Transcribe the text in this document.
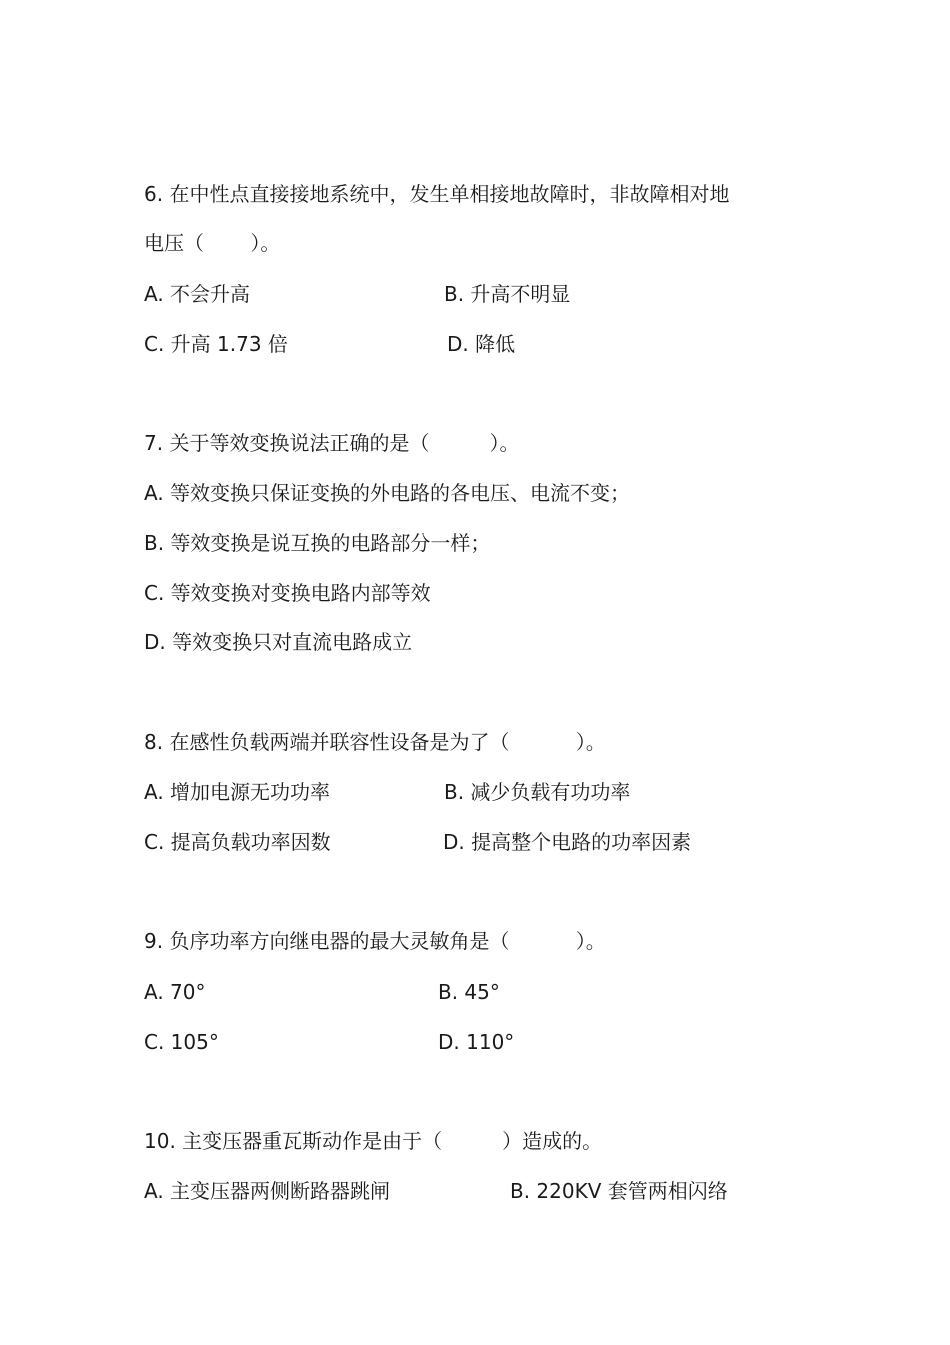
6. 在中性点直接接地系统中，发生单相接地故障时，非故障相对地
电压（　　 ）。
A. 不会升高	B. 升高不明显
C. 升高 1.73 倍	D. 降低
7. 关于等效变换说法正确的是（　　　）。
A. 等效变换只保证变换的外电路的各电压、电流不变；
B. 等效变换是说互换的电路部分一样；
C. 等效变换对变换电路内部等效
D. 等效变换只对直流电路成立
8. 在感性负载两端并联容性设备是为了（　　　 ）。
A. 增加电源无功功率	B. 减少负载有功功率
C. 提高负载功率因数	D. 提高整个电路的功率因素
9. 负序功率方向继电器的最大灵敏角是（　　　 ）。
A. 70°	B. 45°
C. 105°	D. 110°
10. 主变压器重瓦斯动作是由于（　　　）造成的。
A. 主变压器两侧断路器跳闸	B. 220KV 套管两相闪络
